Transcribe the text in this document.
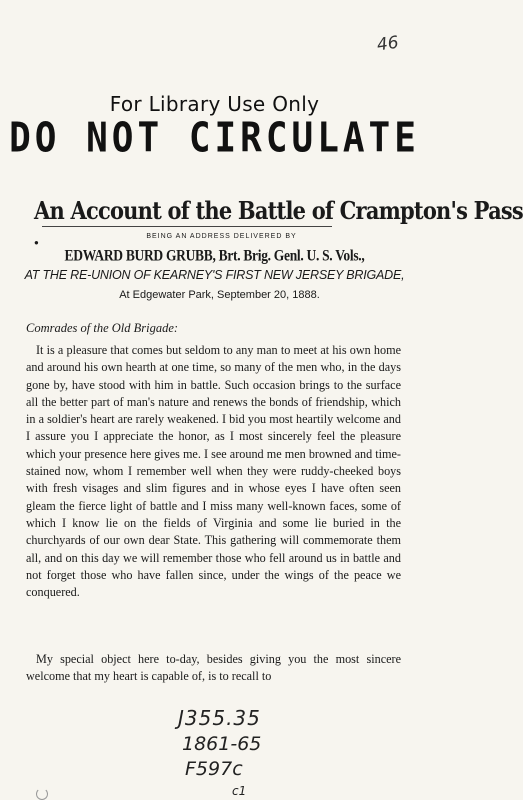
46
For Library Use Only
DO NOT CIRCULATE
An Account of the Battle of Crampton's Pass
●
BEING AN ADDRESS DELIVERED BY
EDWARD BURD GRUBB, Brt. Brig. Genl. U. S. Vols.,
AT THE RE-UNION OF KEARNEY'S FIRST NEW JERSEY BRIGADE,
At Edgewater Park, September 20, 1888.
Comrades of the Old Brigade:
It is a pleasure that comes but seldom to any man to meet at his own home and around his own hearth at one time, so many of the men who, in the days gone by, have stood with him in battle. Such occasion brings to the surface all the better part of man's nature and renews the bonds of friendship, which in a soldier's heart are rarely weakened. I bid you most heartily welcome and I assure you I appreciate the honor, as I most sincerely feel the pleasure which your presence here gives me. I see around me men browned and time-stained now, whom I remember well when they were ruddy-cheeked boys with fresh visages and slim figures and in whose eyes I have often seen gleam the fierce light of battle and I miss many well-known faces, some of which I know lie on the fields of Virginia and some lie buried in the churchyards of our own dear State. This gathering will commemorate them all, and on this day we will remember those who fell around us in battle and not forget those who have fallen since, under the wings of the peace we conquered.
My special object here to-day, besides giving you the most sincere welcome that my heart is capable of, is to recall to
J355.35
1861-65
F597c
c1
